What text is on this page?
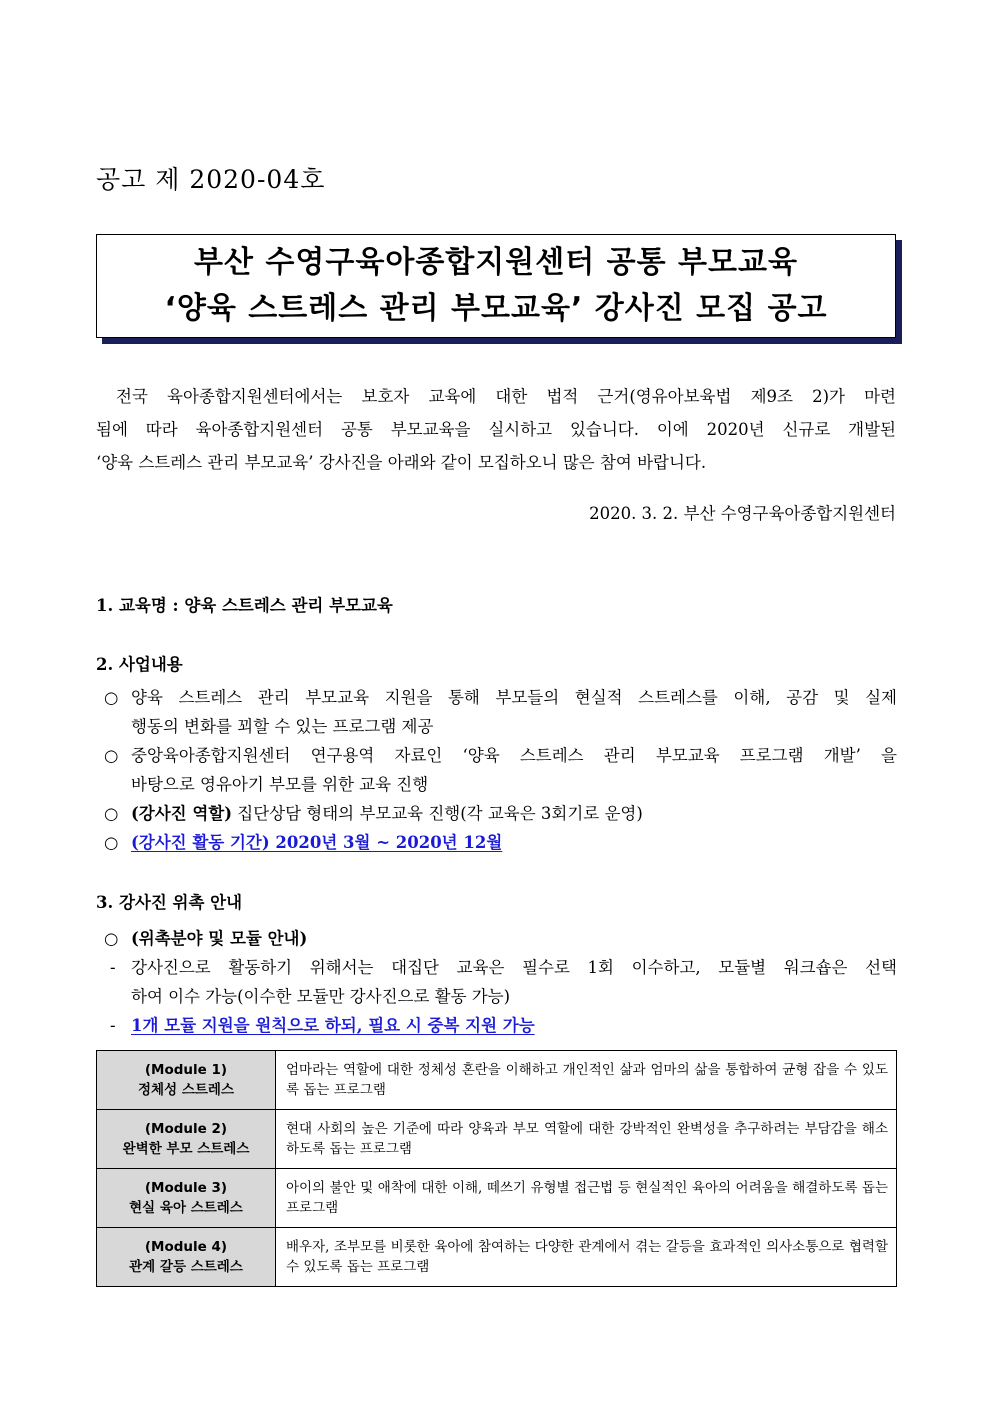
공고 제 2020-04호
부산 수영구육아종합지원센터 공통 부모교육
‘양육 스트레스 관리 부모교육’ 강사진 모집 공고

전국 육아종합지원센터에서는 보호자 교육에 대한 법적 근거(영유아보육법 제9조 2)가 마련

됨에 따라 육아종합지원센터 공통 부모교육을 실시하고 있습니다. 이에 2020년 신규로 개발된

‘양육 스트레스 관리 부모교육’ 강사진을 아래와 같이 모집하오니 많은 참여 바랍니다.

2020. 3. 2. 부산 수영구육아종합지원센터
1. 교육명 : 양육 스트레스 관리 부모교육
2. 사업내용
○ 양육 스트레스 관리 부모교육 지원을 통해 부모들의 현실적 스트레스를 이해, 공감 및 실제
행동의 변화를 꾀할 수 있는 프로그램 제공
○ 중앙육아종합지원센터 연구용역 자료인 ‘양육 스트레스 관리 부모교육 프로그램 개발’ 을
바탕으로 영유아기 부모를 위한 교육 진행
○ (강사진 역할) 집단상담 형태의 부모교육 진행(각 교육은 3회기로 운영)
○ (강사진 활동 기간) 2020년 3월 ~ 2020년 12월
3. 강사진 위촉 안내
○ (위촉분야 및 모듈 안내)
- 강사진으로 활동하기 위해서는 대집단 교육은 필수로 1회 이수하고, 모듈별 워크숍은 선택
하여 이수 가능(이수한 모듈만 강사진으로 활동 가능)
- 1개 모듈 지원을 원칙으로 하되, 필요 시 중복 지원 가능
(Module 1)
정체성 스트레스	엄마라는 역할에 대한 정체성 혼란을 이해하고 개인적인 삶과 엄마의 삶을 통합하여 균형 잡을 수 있도록 돕는 프로그램

(Module 2)
완벽한 부모 스트레스	현대 사회의 높은 기준에 따라 양육과 부모 역할에 대한 강박적인 완벽성을 추구하려는 부담감을 해소하도록 돕는 프로그램

(Module 3)
현실 육아 스트레스	아이의 불안 및 애착에 대한 이해, 떼쓰기 유형별 접근법 등 현실적인 육아의 어려움을 해결하도록 돕는 프로그램

(Module 4)
관계 갈등 스트레스	배우자, 조부모를 비롯한 육아에 참여하는 다양한 관계에서 겪는 갈등을 효과적인 의사소통으로 협력할 수 있도록 돕는 프로그램
